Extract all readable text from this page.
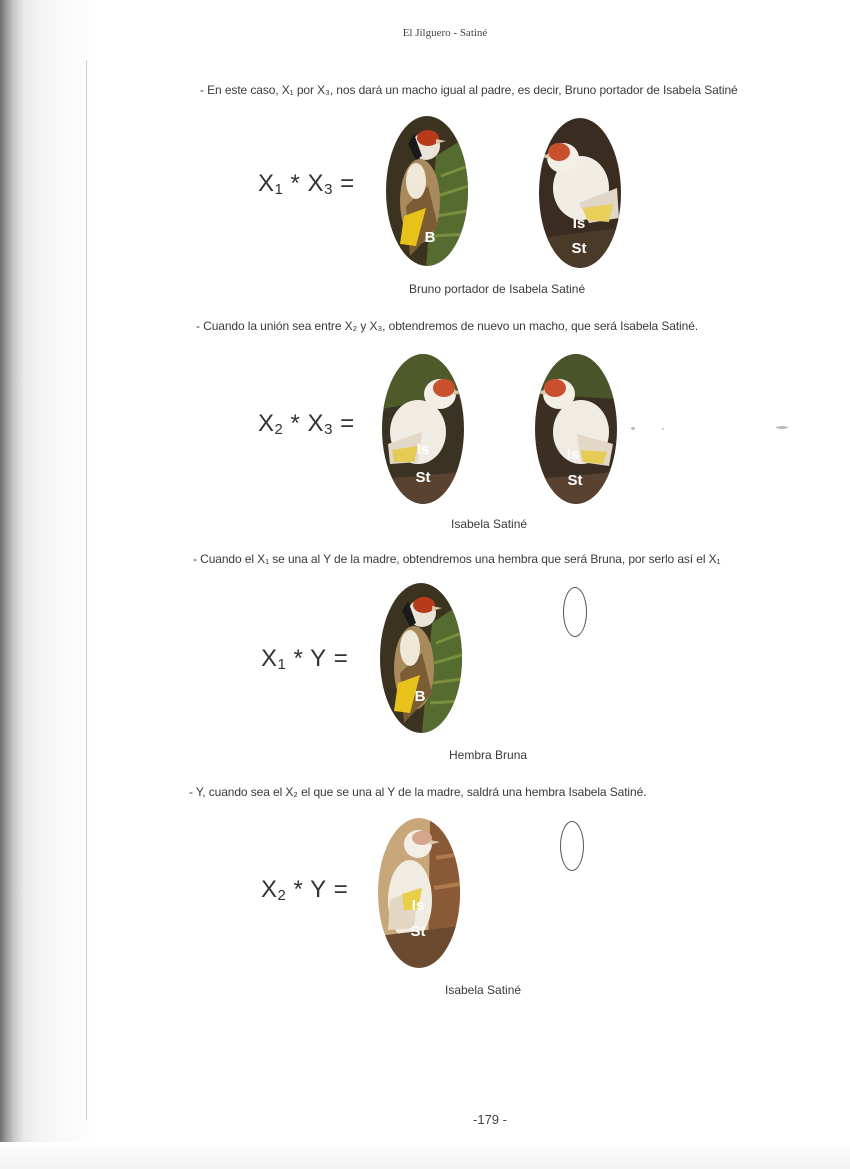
El Jilguero - Satiné
- En este caso, X₁ por X₃, nos dará un macho igual al padre, es decir, Bruno portador de Isabela Satiné
$X_1 * X_3$ =
B
Is
St
Bruno portador de Isabela Satiné
- Cuando la unión sea entre X₂ y X₃, obtendremos de nuevo un macho, que será Isabela Satiné.
$X_2 * X_3$ =
Is
St
Is
St
Isabela Satiné
- Cuando el X₁ se una al Y de la madre, obtendremos una hembra que será Bruna, por serlo así el X₁
$X_1$ * Y =
B
Hembra Bruna
- Y, cuando sea el X₂ el que se una al Y de la madre, saldrá una hembra Isabela Satiné.
$X_2$ * Y =
Is
St
Isabela Satiné
-179 -
